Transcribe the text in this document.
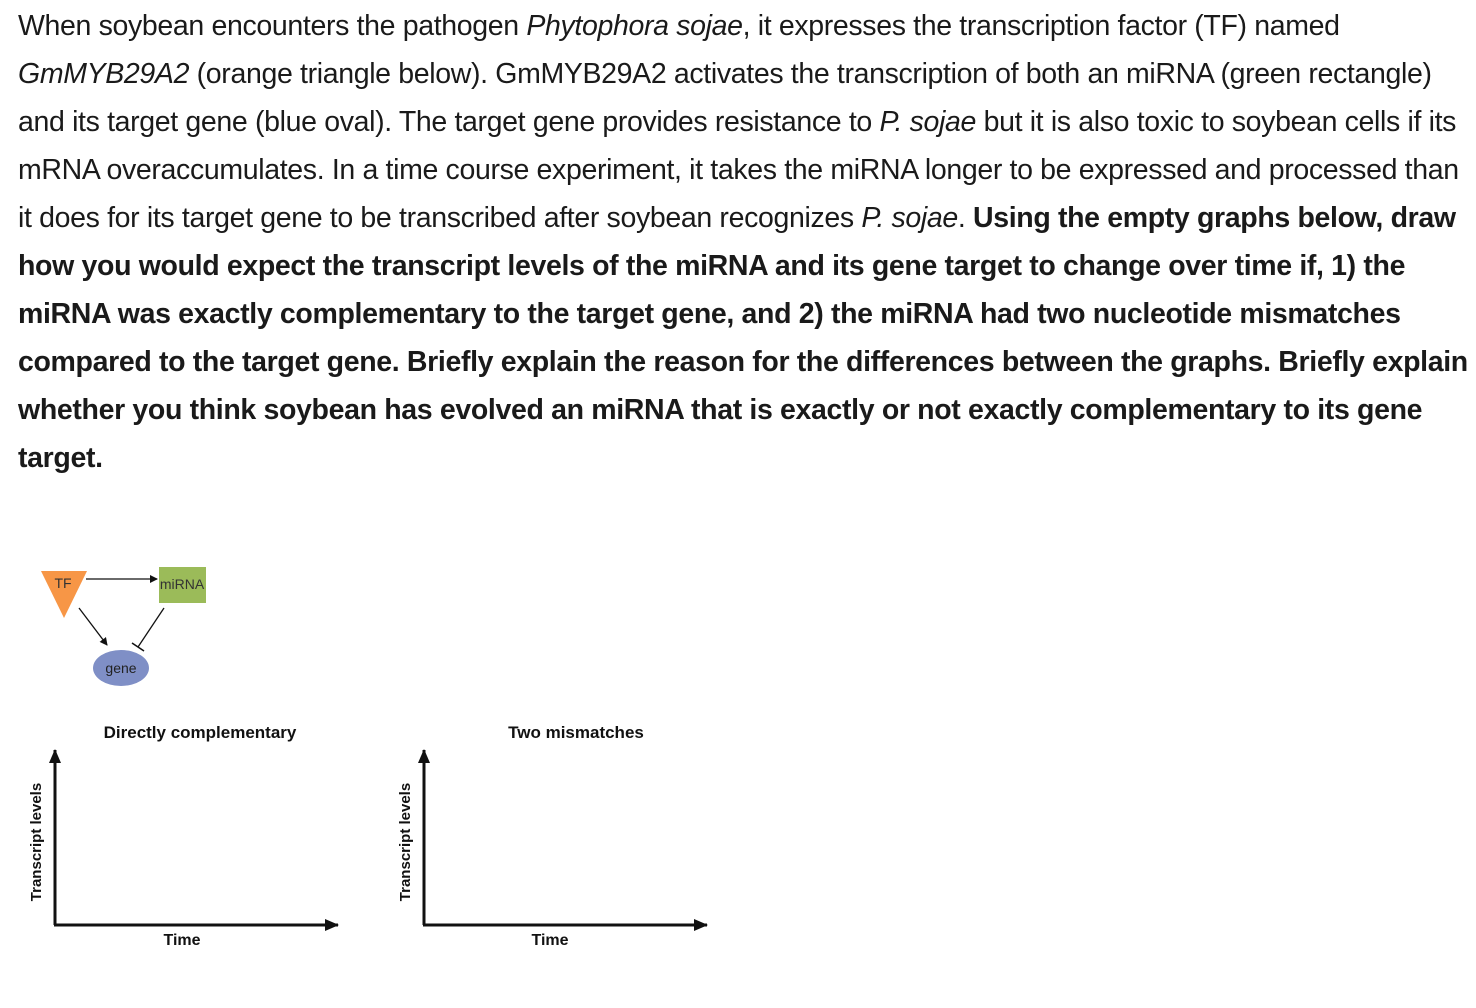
When soybean encounters the pathogen Phytophora sojae, it expresses the transcription factor (TF) named GmMYB29A2 (orange triangle below). GmMYB29A2 activates the transcription of both an miRNA (green rectangle) and its target gene (blue oval). The target gene provides resistance to P. sojae but it is also toxic to soybean cells if its mRNA overaccumulates. In a time course experiment, it takes the miRNA longer to be expressed and processed than it does for its target gene to be transcribed after soybean recognizes P. sojae. Using the empty graphs below, draw how you would expect the transcript levels of the miRNA and its gene target to change over time if, 1) the miRNA was exactly complementary to the target gene, and 2) the miRNA had two nucleotide mismatches compared to the target gene. Briefly explain the reason for the differences between the graphs. Briefly explain whether you think soybean has evolved an miRNA that is exactly or not exactly complementary to its gene target.
TF	miRNA
gene
Directly complementary
Transcript levels
Time
Two mismatches
Transcript levels
Time
